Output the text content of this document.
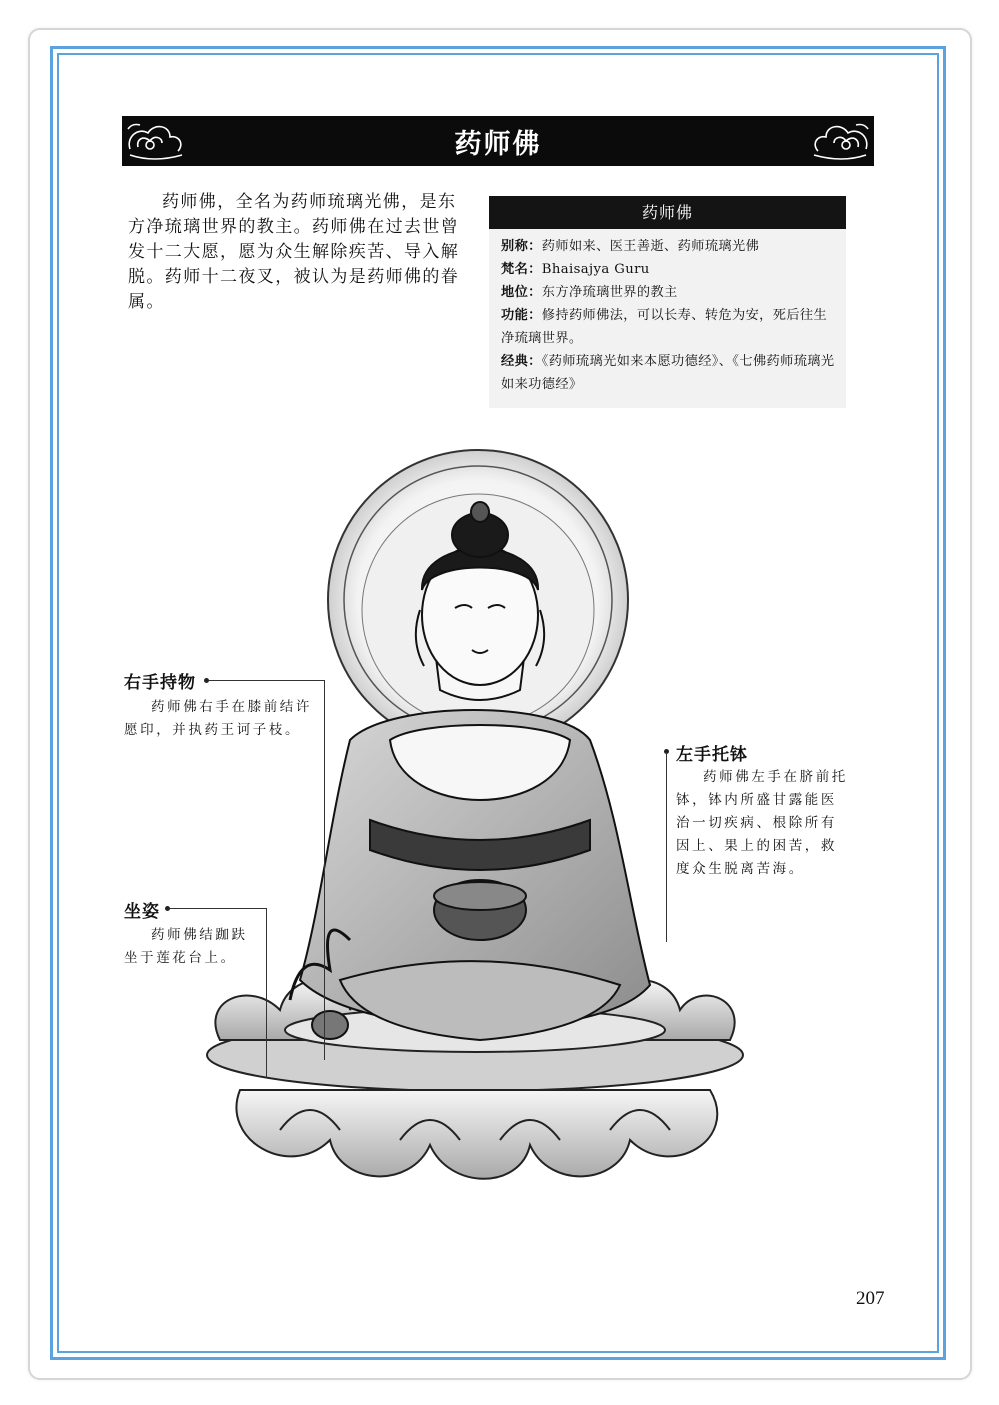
药师佛

药师佛，全名为药师琉璃光佛，是东方净琉璃世界的教主。药师佛在过去世曾发十二大愿，愿为众生解除疾苦、导入解脱。药师十二夜叉，被认为是药师佛的眷属。

药师佛

别称：药师如来、医王善逝、药师琉璃光佛

梵名：Bhaisajya Guru

地位：东方净琉璃世界的教主

功能：修持药师佛法，可以长寿、转危为安，死后往生净琉璃世界。

经典：《药师琉璃光如来本愿功德经》、《七佛药师琉璃光如来功德经》

右手持物

药师佛右手在膝前结许愿印，并执药王诃子枝。

左手托钵

药师佛左手在脐前托钵，钵内所盛甘露能医治一切疾病、根除所有因上、果上的困苦，救度众生脱离苦海。

坐姿

药师佛结跏趺坐于莲花台上。

207
